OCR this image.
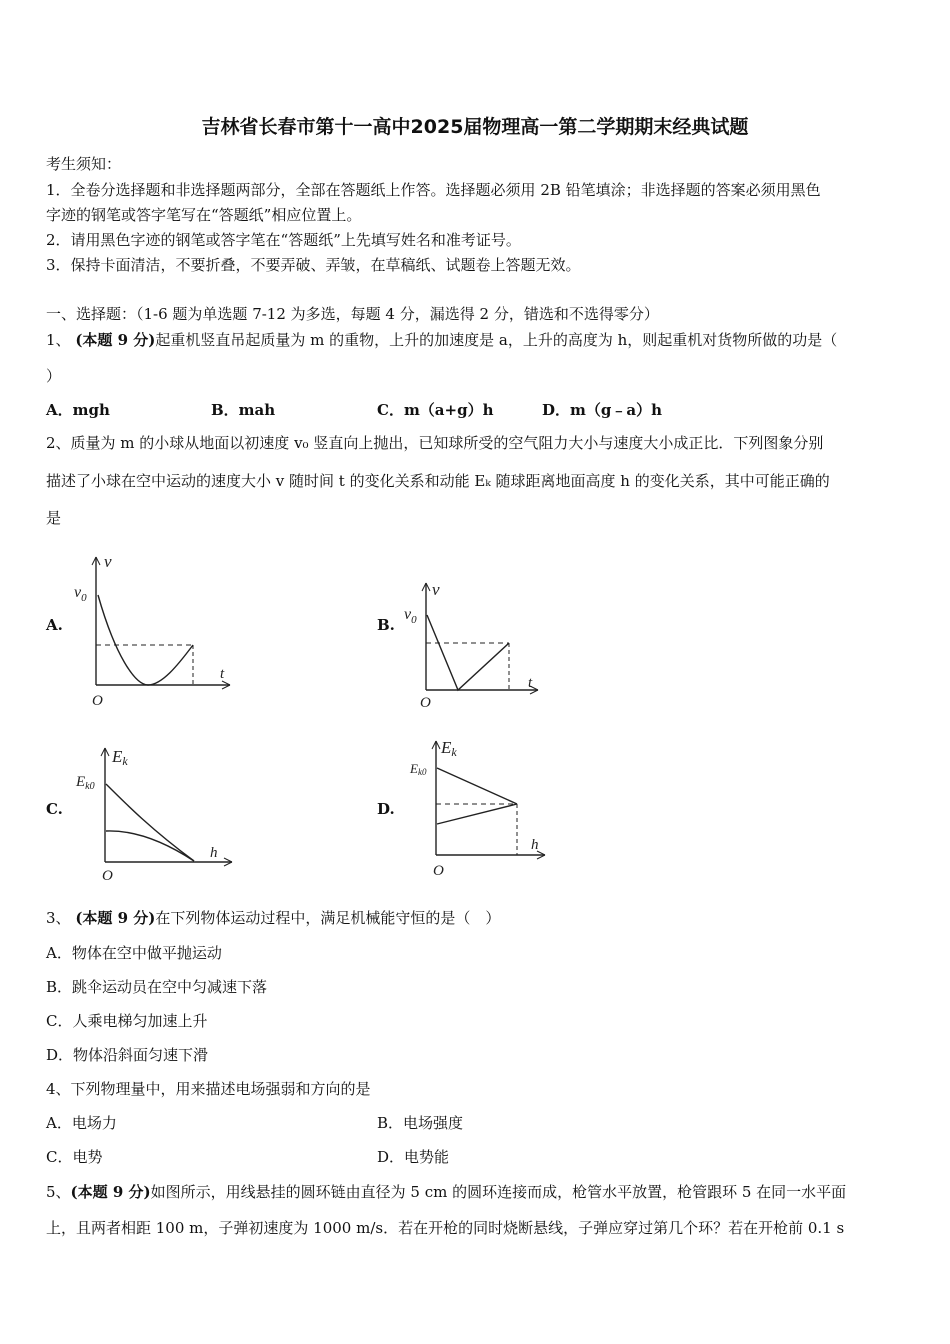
吉林省长春市第十一高中2025届物理高一第二学期期末经典试题
考生须知：
1．全卷分选择题和非选择题两部分，全部在答题纸上作答。选择题必须用 2B 铅笔填涂；非选择题的答案必须用黑色
字迹的钢笔或答字笔写在“答题纸”相应位置上。
2．请用黑色字迹的钢笔或答字笔在“答题纸”上先填写姓名和准考证号。
3．保持卡面清洁，不要折叠，不要弄破、弄皱，在草稿纸、试题卷上答题无效。
一、选择题：（1-6 题为单选题 7-12 为多选，每题 4 分，漏选得 2 分，错选和不选得零分）
1、 (本题 9 分)起重机竖直吊起质量为 m 的重物，上升的加速度是 a，上升的高度为 h，则起重机对货物所做的功是（
）
A．mgh	B．mah	C．m（a+g）h	D．m（g﹣a）h
2、质量为 m 的小球从地面以初速度 v₀ 竖直向上抛出，已知球所受的空气阻力大小与速度大小成正比．下列图象分别
描述了小球在空中运动的速度大小 v 随时间 t 的变化关系和动能 Eₖ 随球距离地面高度 h 的变化关系，其中可能正确的
是
A.	B.
C.	D.
v
$v_0$
t
O
v
$v_0$
t
O
Ek
$E_{k0}$
h
O
Ek
Ek0
h
O
3、 (本题 9 分)在下列物体运动过程中，满足机械能守恒的是（　）
A．物体在空中做平抛运动
B．跳伞运动员在空中匀减速下落
C．人乘电梯匀加速上升
D．物体沿斜面匀速下滑
4、下列物理量中，用来描述电场强弱和方向的是
A．电场力	B．电场强度
C．电势	D．电势能
5、(本题 9 分)如图所示，用线悬挂的圆环链由直径为 5 cm 的圆环连接而成，枪管水平放置，枪管跟环 5 在同一水平面
上，且两者相距 100 m，子弹初速度为 1000 m/s．若在开枪的同时烧断悬线，子弹应穿过第几个环？若在开枪前 0.1 s
